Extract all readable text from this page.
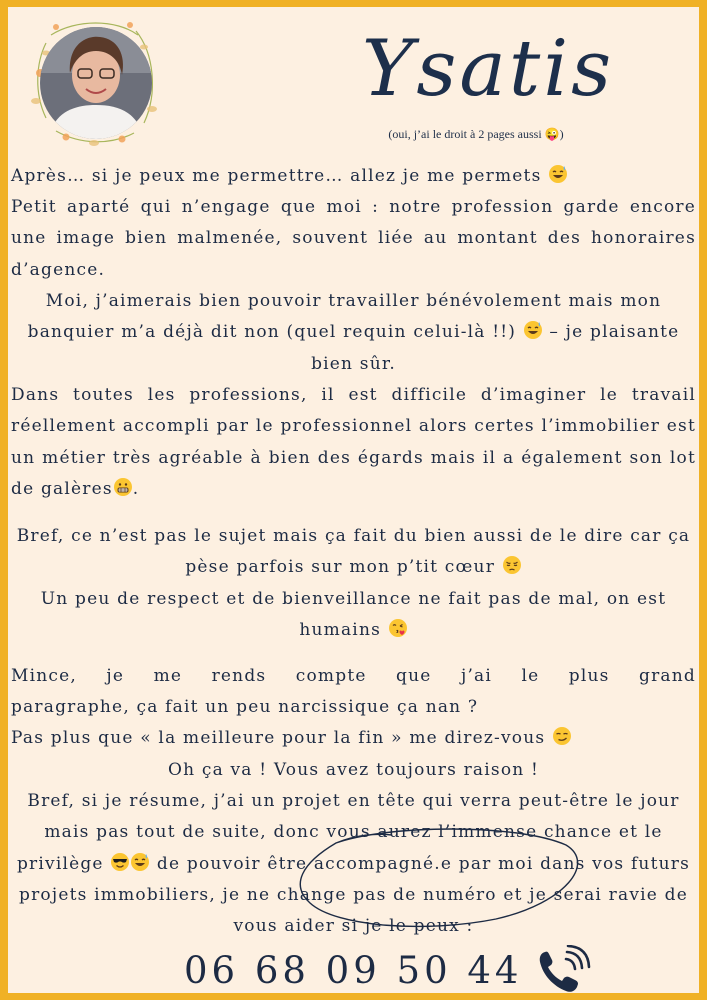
Ysatis

(oui, j’ai le droit à 2 pages aussi 😜)

Après… si je peux me permettre… allez je me permets

Petit aparté qui n’engage que moi : notre profession garde encore une image bien malmenée, souvent liée au montant des honoraires d’agence.

Moi, j’aimerais bien pouvoir travailler bénévolement mais mon banquier m’a déjà dit non (quel requin celui-là !!) – je plaisante bien sûr.

Dans toutes les professions, il est difficile d’imaginer le travail réellement accompli par le professionnel alors certes l’immobilier est un métier très agréable à bien des égards mais il a également son lot de galères .

Bref, ce n’est pas le sujet mais ça fait du bien aussi de le dire car ça pèse parfois sur mon p’tit cœur

Un peu de respect et de bienveillance ne fait pas de mal, on est humains

Mince, je me rends compte que j’ai le plus grand

paragraphe, ça fait un peu narcissique ça nan ?

Pas plus que « la meilleure pour la fin » me direz-vous

Oh ça va ! Vous avez toujours raison !

Bref, si je résume, j’ai un projet en tête qui verra peut-être le jour mais pas tout de suite, donc vous aurez l’immense chance et le privilège	de pouvoir être accompagné.e par moi dans vos futurs projets immobiliers, je ne change pas de numéro et je serai ravie de vous aider si je le peux :

06 68 09 50 44
